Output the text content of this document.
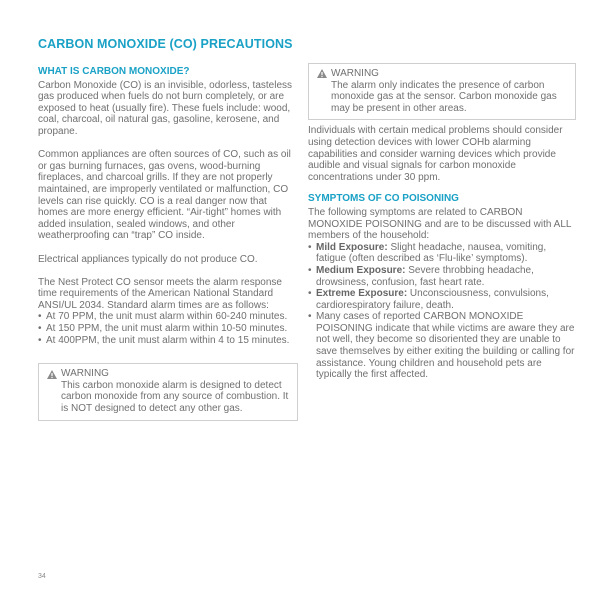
CARBON MONOXIDE (CO) PRECAUTIONS
WHAT IS CARBON MONOXIDE?

Carbon Monoxide (CO) is an invisible, odorless, tasteless gas produced when fuels do not burn completely, or are exposed to heat (usually fire). These fuels include: wood, coal, charcoal, oil natural gas, gasoline, kerosene, and propane.

Common appliances are often sources of CO, such as oil or gas burning furnaces, gas ovens, wood-burning fireplaces, and charcoal grills. If they are not properly maintained, are improperly ventilated or malfunction, CO levels can rise quickly. CO is a real danger now that homes are more energy efficient. “Air-tight” homes with added insulation, sealed windows, and other weatherproofing can “trap” CO inside.

Electrical appliances typically do not produce CO.

The Nest Protect CO sensor meets the alarm response time requirements of the American National Standard ANSI/UL 2034. Standard alarm times are as follows:

• At 70 PPM, the unit must alarm within 60-240 minutes.
• At 150 PPM, the unit must alarm within 10-50 minutes.
• At 400PPM, the unit must alarm within 4 to 15 minutes.
WARNING
This carbon monoxide alarm is designed to detect carbon monoxide from any source of combustion. It is NOT designed to detect any other gas.
WARNING
The alarm only indicates the presence of carbon monoxide gas at the sensor. Carbon monoxide gas may be present in other areas.

Individuals with certain medical problems should consider using detection devices with lower COHb alarming capabilities and consider warning devices which provide audible and visual signals for carbon monoxide concentrations under 30 ppm.

SYMPTOMS OF CO POISONING

The following symptoms are related to CARBON MONOXIDE POISONING and are to be discussed with ALL members of the household:

• Mild Exposure: Slight headache, nausea, vomiting, fatigue (often described as ‘Flu-like’ symptoms).
• Medium Exposure: Severe throbbing headache, drowsiness, confusion, fast heart rate.
• Extreme Exposure: Unconsciousness, convulsions, cardiorespiratory failure, death.
• Many cases of reported CARBON MONOXIDE POISONING indicate that while victims are aware they are not well, they become so disoriented they are unable to save themselves by either exiting the building or calling for assistance. Young children and household pets are typically the first affected.
34
